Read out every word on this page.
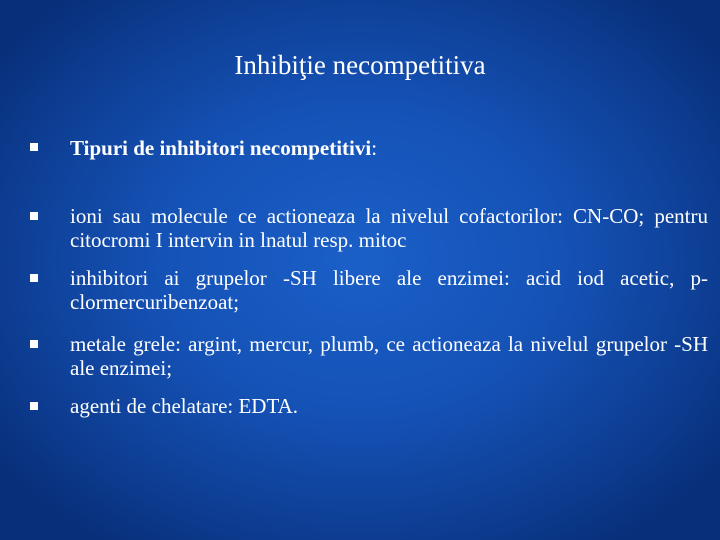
Inhibiţie necompetitiva
Tipuri de inhibitori necompetitivi:
ioni sau molecule ce actioneaza la nivelul cofactorilor: CN-CO; pentru citocromi I intervin in lnatul resp. mitoc
inhibitori ai grupelor -SH libere ale enzimei: acid iod acetic, p-clormercuribenzoat;
metale grele: argint, mercur, plumb, ce actioneaza la nivelul grupelor -SH ale enzimei;
agenti de chelatare: EDTA.
